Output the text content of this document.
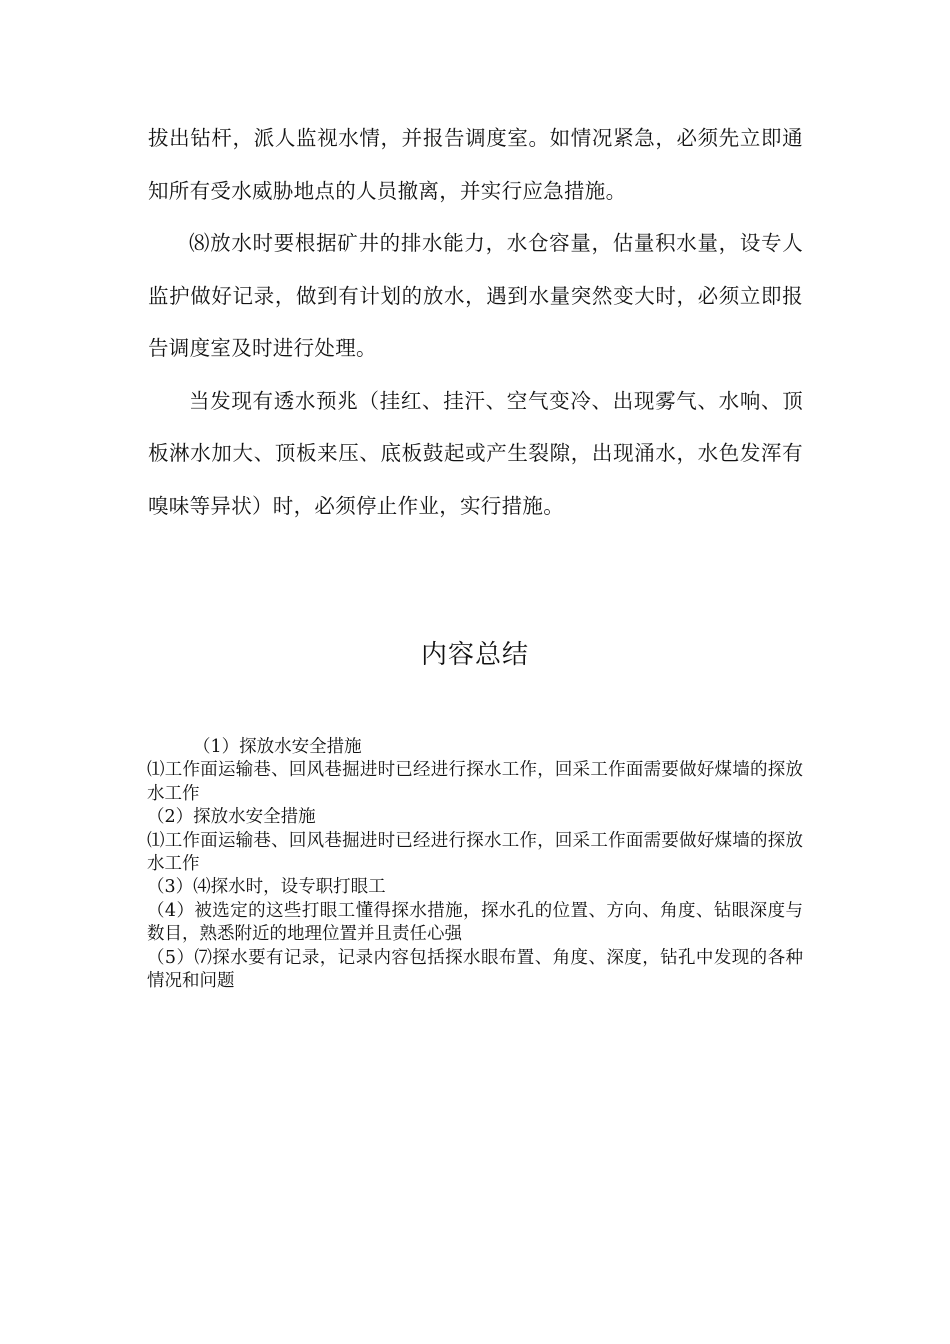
拔出钻杆，派人监视水情，并报告调度室。如情况紧急，必须先立即通知所有受水威胁地点的人员撤离，并实行应急措施。

⑻放水时要根据矿井的排水能力，水仓容量，估量积水量，设专人监护做好记录，做到有计划的放水，遇到水量突然变大时，必须立即报告调度室及时进行处理。

当发现有透水预兆（挂红、挂汗、空气变冷、出现雾气、水响、顶板淋水加大、顶板来压、底板鼓起或产生裂隙，出现涌水，水色发浑有嗅味等异状）时，必须停止作业，实行措施。

内容总结

（1）探放水安全措施

⑴工作面运输巷、回风巷掘进时已经进行探水工作，回采工作面需要做好煤墙的探放水工作

（2）探放水安全措施

⑴工作面运输巷、回风巷掘进时已经进行探水工作，回采工作面需要做好煤墙的探放水工作

（3）⑷探水时，设专职打眼工

（4）被选定的这些打眼工懂得探水措施，探水孔的位置、方向、角度、钻眼深度与数目，熟悉附近的地理位置并且责任心强

（5）⑺探水要有记录，记录内容包括探水眼布置、角度、深度，钻孔中发现的各种情况和问题
